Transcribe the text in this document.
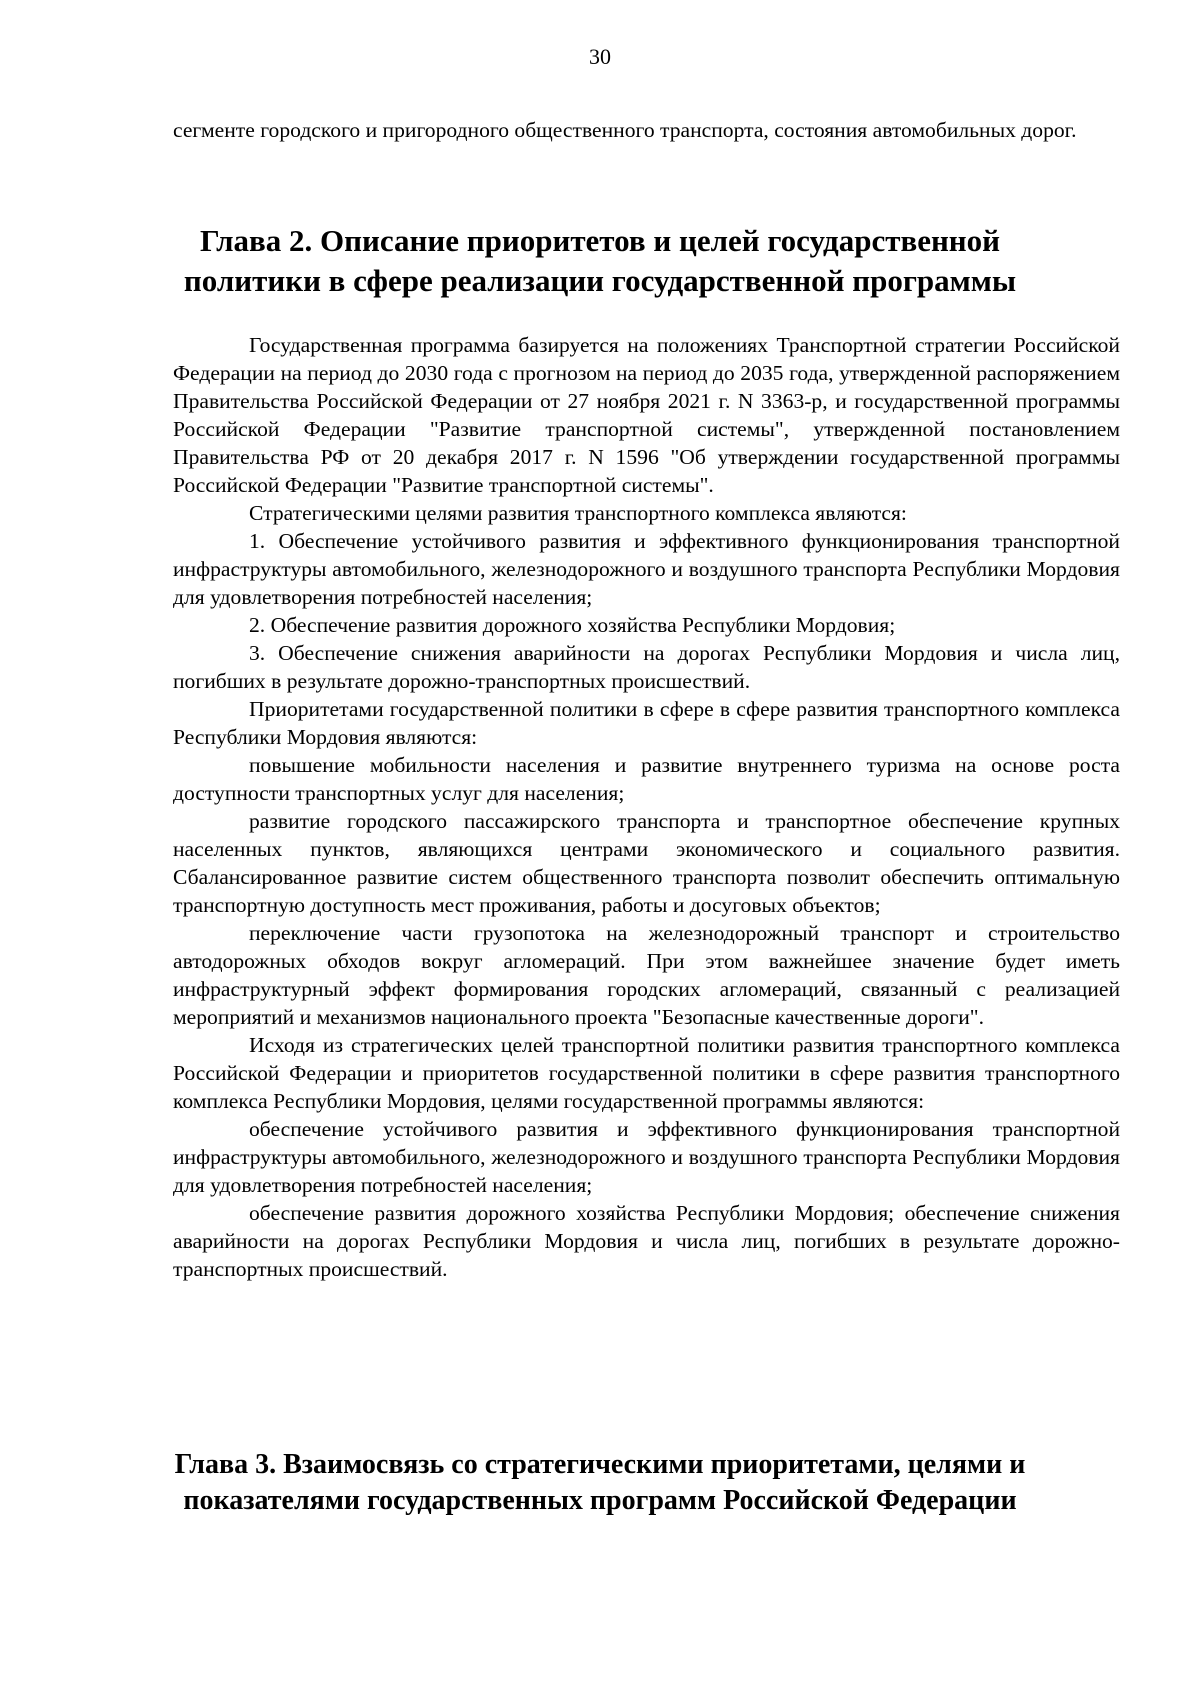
30

сегменте городского и пригородного общественного транспорта, состояния автомобильных дорог.

Глава 2. Описание приоритетов и целей государственной
политики в сфере реализации государственной программы

Государственная программа базируется на положениях Транспортной стратегии Российской Федерации на период до 2030 года с прогнозом на период до 2035 года, утвержденной распоряжением Правительства Российской Федерации от 27 ноября 2021 г. N 3363-р, и государственной программы Российской Федерации "Развитие транспортной системы", утвержденной постановлением Правительства РФ от 20 декабря 2017 г. N 1596 "Об утверждении государственной программы Российской Федерации "Развитие транспортной системы".

Стратегическими целями развития транспортного комплекса являются:

1. Обеспечение устойчивого развития и эффективного функционирования транспортной инфраструктуры автомобильного, железнодорожного и воздушного транспорта Республики Мордовия для удовлетворения потребностей населения;

2. Обеспечение развития дорожного хозяйства Республики Мордовия;

3. Обеспечение снижения аварийности на дорогах Республики Мордовия и числа лиц, погибших в результате дорожно-транспортных происшествий.

Приоритетами государственной политики в сфере в сфере развития транспортного комплекса Республики Мордовия являются:

повышение мобильности населения и развитие внутреннего туризма на основе роста доступности транспортных услуг для населения;

развитие городского пассажирского транспорта и транспортное обеспечение крупных населенных пунктов, являющихся центрами экономического и социального развития. Сбалансированное развитие систем общественного транспорта позволит обеспечить оптимальную транспортную доступность мест проживания, работы и досуговых объектов;

переключение части грузопотока на железнодорожный транспорт и строительство автодорожных обходов вокруг агломераций. При этом важнейшее значение будет иметь инфраструктурный эффект формирования городских агломераций, связанный с реализацией мероприятий и механизмов национального проекта "Безопасные качественные дороги".

Исходя из стратегических целей транспортной политики развития транспортного комплекса Российской Федерации и приоритетов государственной политики в сфере развития транспортного комплекса Республики Мордовия, целями государственной программы являются:

обеспечение устойчивого развития и эффективного функционирования транспортной инфраструктуры автомобильного, железнодорожного и воздушного транспорта Республики Мордовия для удовлетворения потребностей населения;

обеспечение развития дорожного хозяйства Республики Мордовия; обеспечение снижения аварийности на дорогах Республики Мордовия и числа лиц, погибших в результате дорожно-транспортных происшествий.

Глава 3. Взаимосвязь со стратегическими приоритетами, целями и
показателями государственных программ Российской Федерации
